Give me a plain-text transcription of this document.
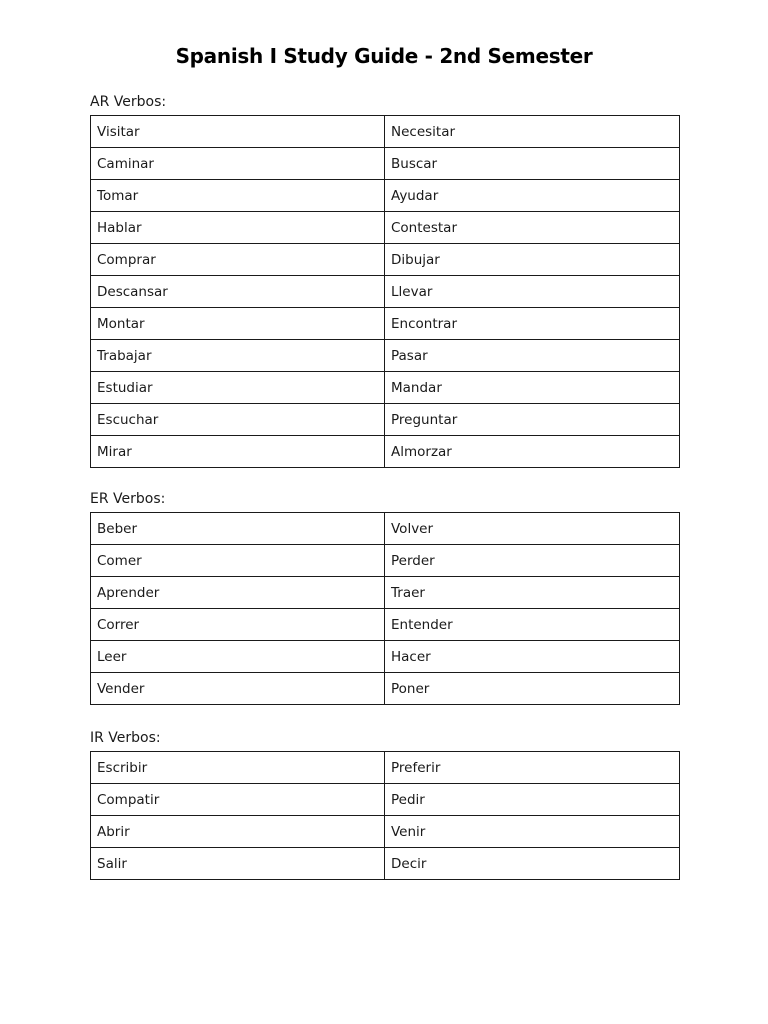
Spanish I Study Guide - 2nd Semester
AR Verbos:
Visitar	Necesitar
Caminar	Buscar
Tomar	Ayudar
Hablar	Contestar
Comprar	Dibujar
Descansar	Llevar
Montar	Encontrar
Trabajar	Pasar
Estudiar	Mandar
Escuchar	Preguntar
Mirar	Almorzar
ER Verbos:
Beber	Volver
Comer	Perder
Aprender	Traer
Correr	Entender
Leer	Hacer
Vender	Poner
IR Verbos:
Escribir	Preferir
Compatir	Pedir
Abrir	Venir
Salir	Decir
